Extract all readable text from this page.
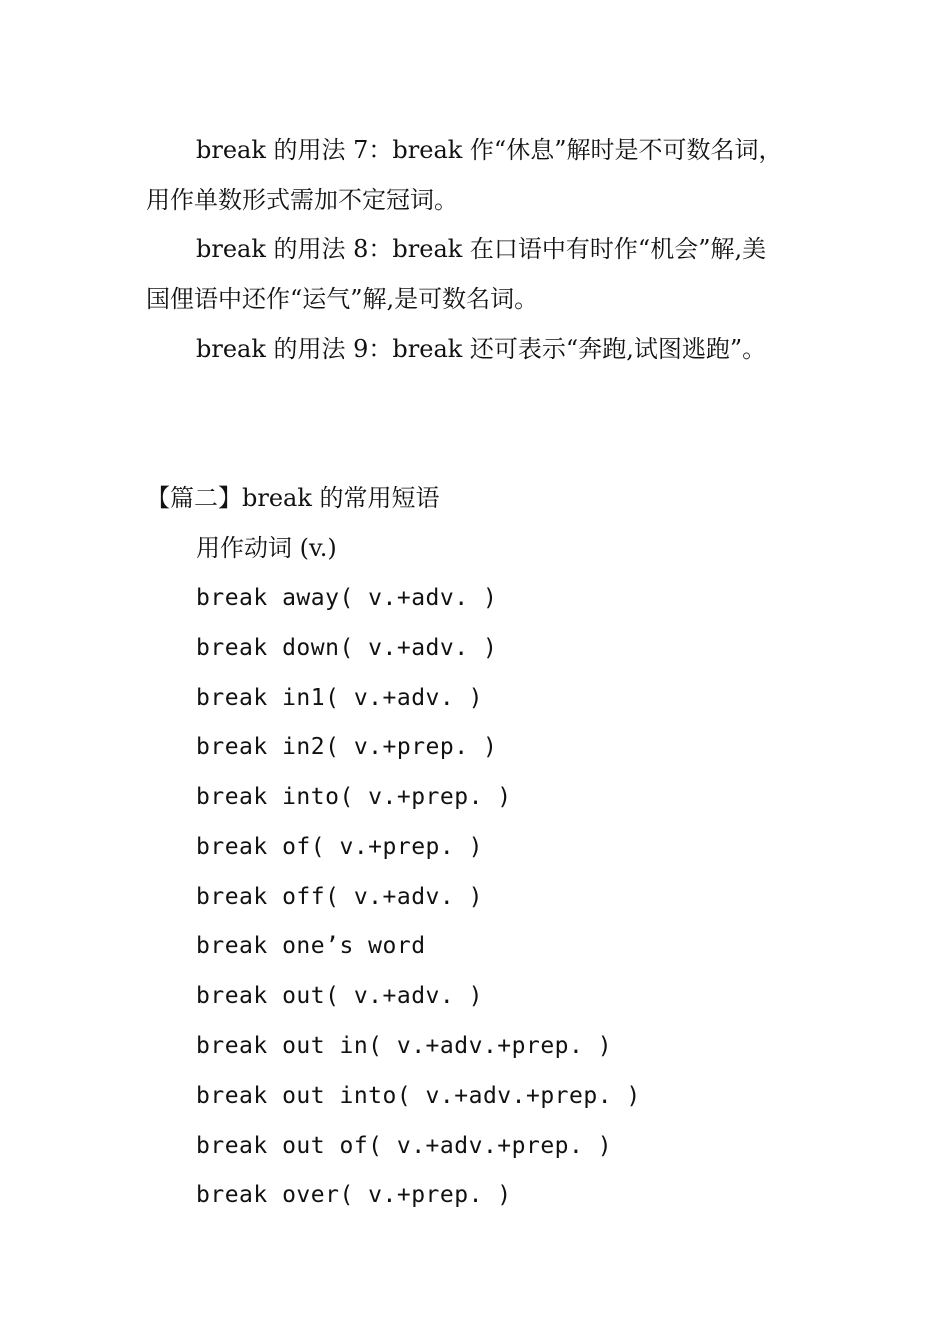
break 的用法 7：break 作“休息”解时是不可数名词，
用作单数形式需加不定冠词。
break 的用法 8：break 在口语中有时作“机会”解,美
国俚语中还作“运气”解,是可数名词。
break 的用法 9：break 还可表示“奔跑,试图逃跑”。
【篇二】break 的常用短语
用作动词 (v.)
break away( v.+adv. )
break down( v.+adv. )
break in1( v.+adv. )
break in2( v.+prep. )
break into( v.+prep. )
break of( v.+prep. )
break off( v.+adv. )
break one’s word
break out( v.+adv. )
break out in( v.+adv.+prep. )
break out into( v.+adv.+prep. )
break out of( v.+adv.+prep. )
break over( v.+prep. )
